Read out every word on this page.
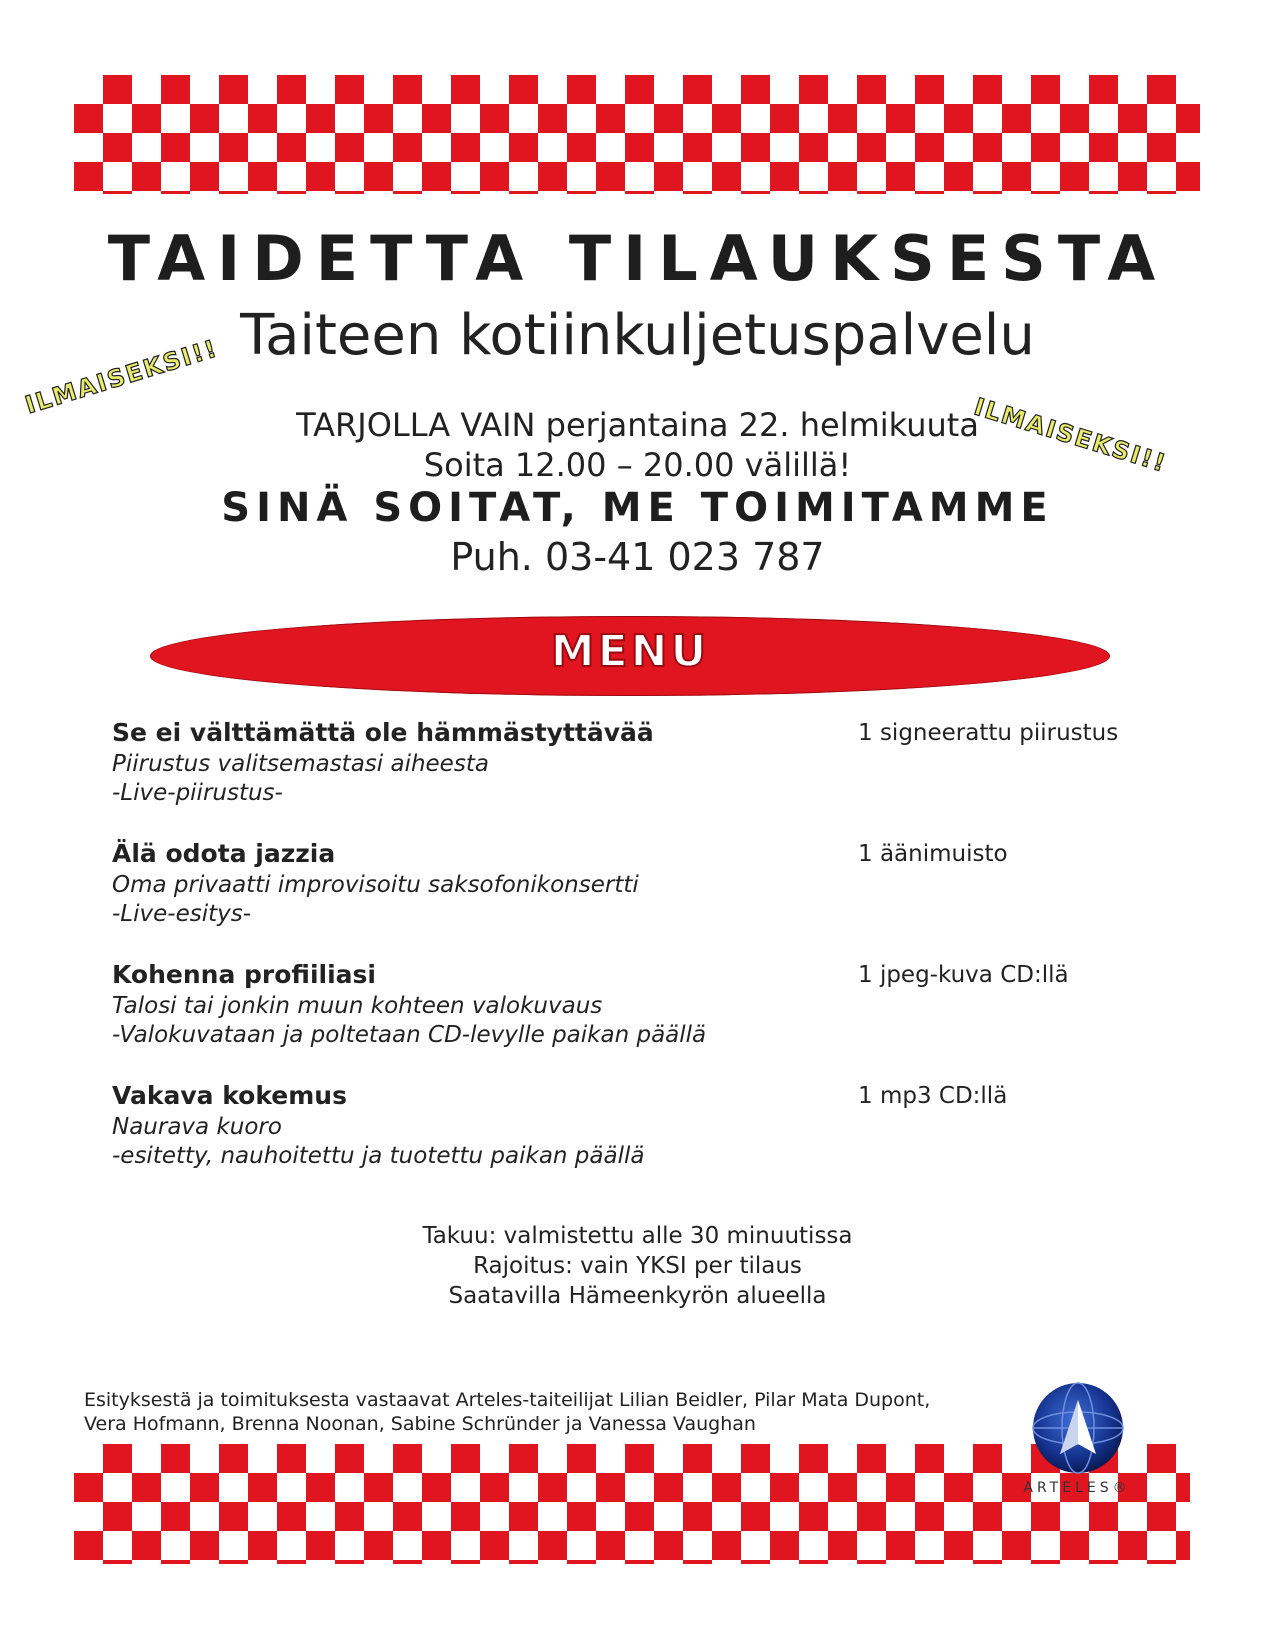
TAIDETTA TILAUKSESTA
Taiteen kotiinkuljetuspalvelu
ILMAISEKSI!!
ILMAISEKSI!!
TARJOLLA VAIN perjantaina 22. helmikuuta
Soita 12.00 – 20.00 välillä!
SINÄ SOITAT, ME TOIMITAMME
Puh. 03-41 023 787
MENU
Se ei välttämättä ole hämmästyttävää
Piirustus valitsemastasi aiheesta
-Live-piirustus-
1 signeerattu piirustus
Älä odota jazzia
Oma privaatti improvisoitu saksofonikonsertti
-Live-esitys-
1 äänimuisto
Kohenna profiiliasi
Talosi tai jonkin muun kohteen valokuvaus
-Valokuvataan ja poltetaan CD-levylle paikan päällä
1 jpeg-kuva CD:llä
Vakava kokemus
Naurava kuoro
-esitetty, nauhoitettu ja tuotettu paikan päällä
1 mp3 CD:llä
Takuu: valmistettu alle 30 minuutissa
Rajoitus: vain YKSI per tilaus
Saatavilla Hämeenkyrön alueella
Esityksestä ja toimituksesta vastaavat Arteles-taiteilijat Lilian Beidler, Pilar Mata Dupont,
Vera Hofmann, Brenna Noonan, Sabine Schründer ja Vanessa Vaughan
ARTELES®
